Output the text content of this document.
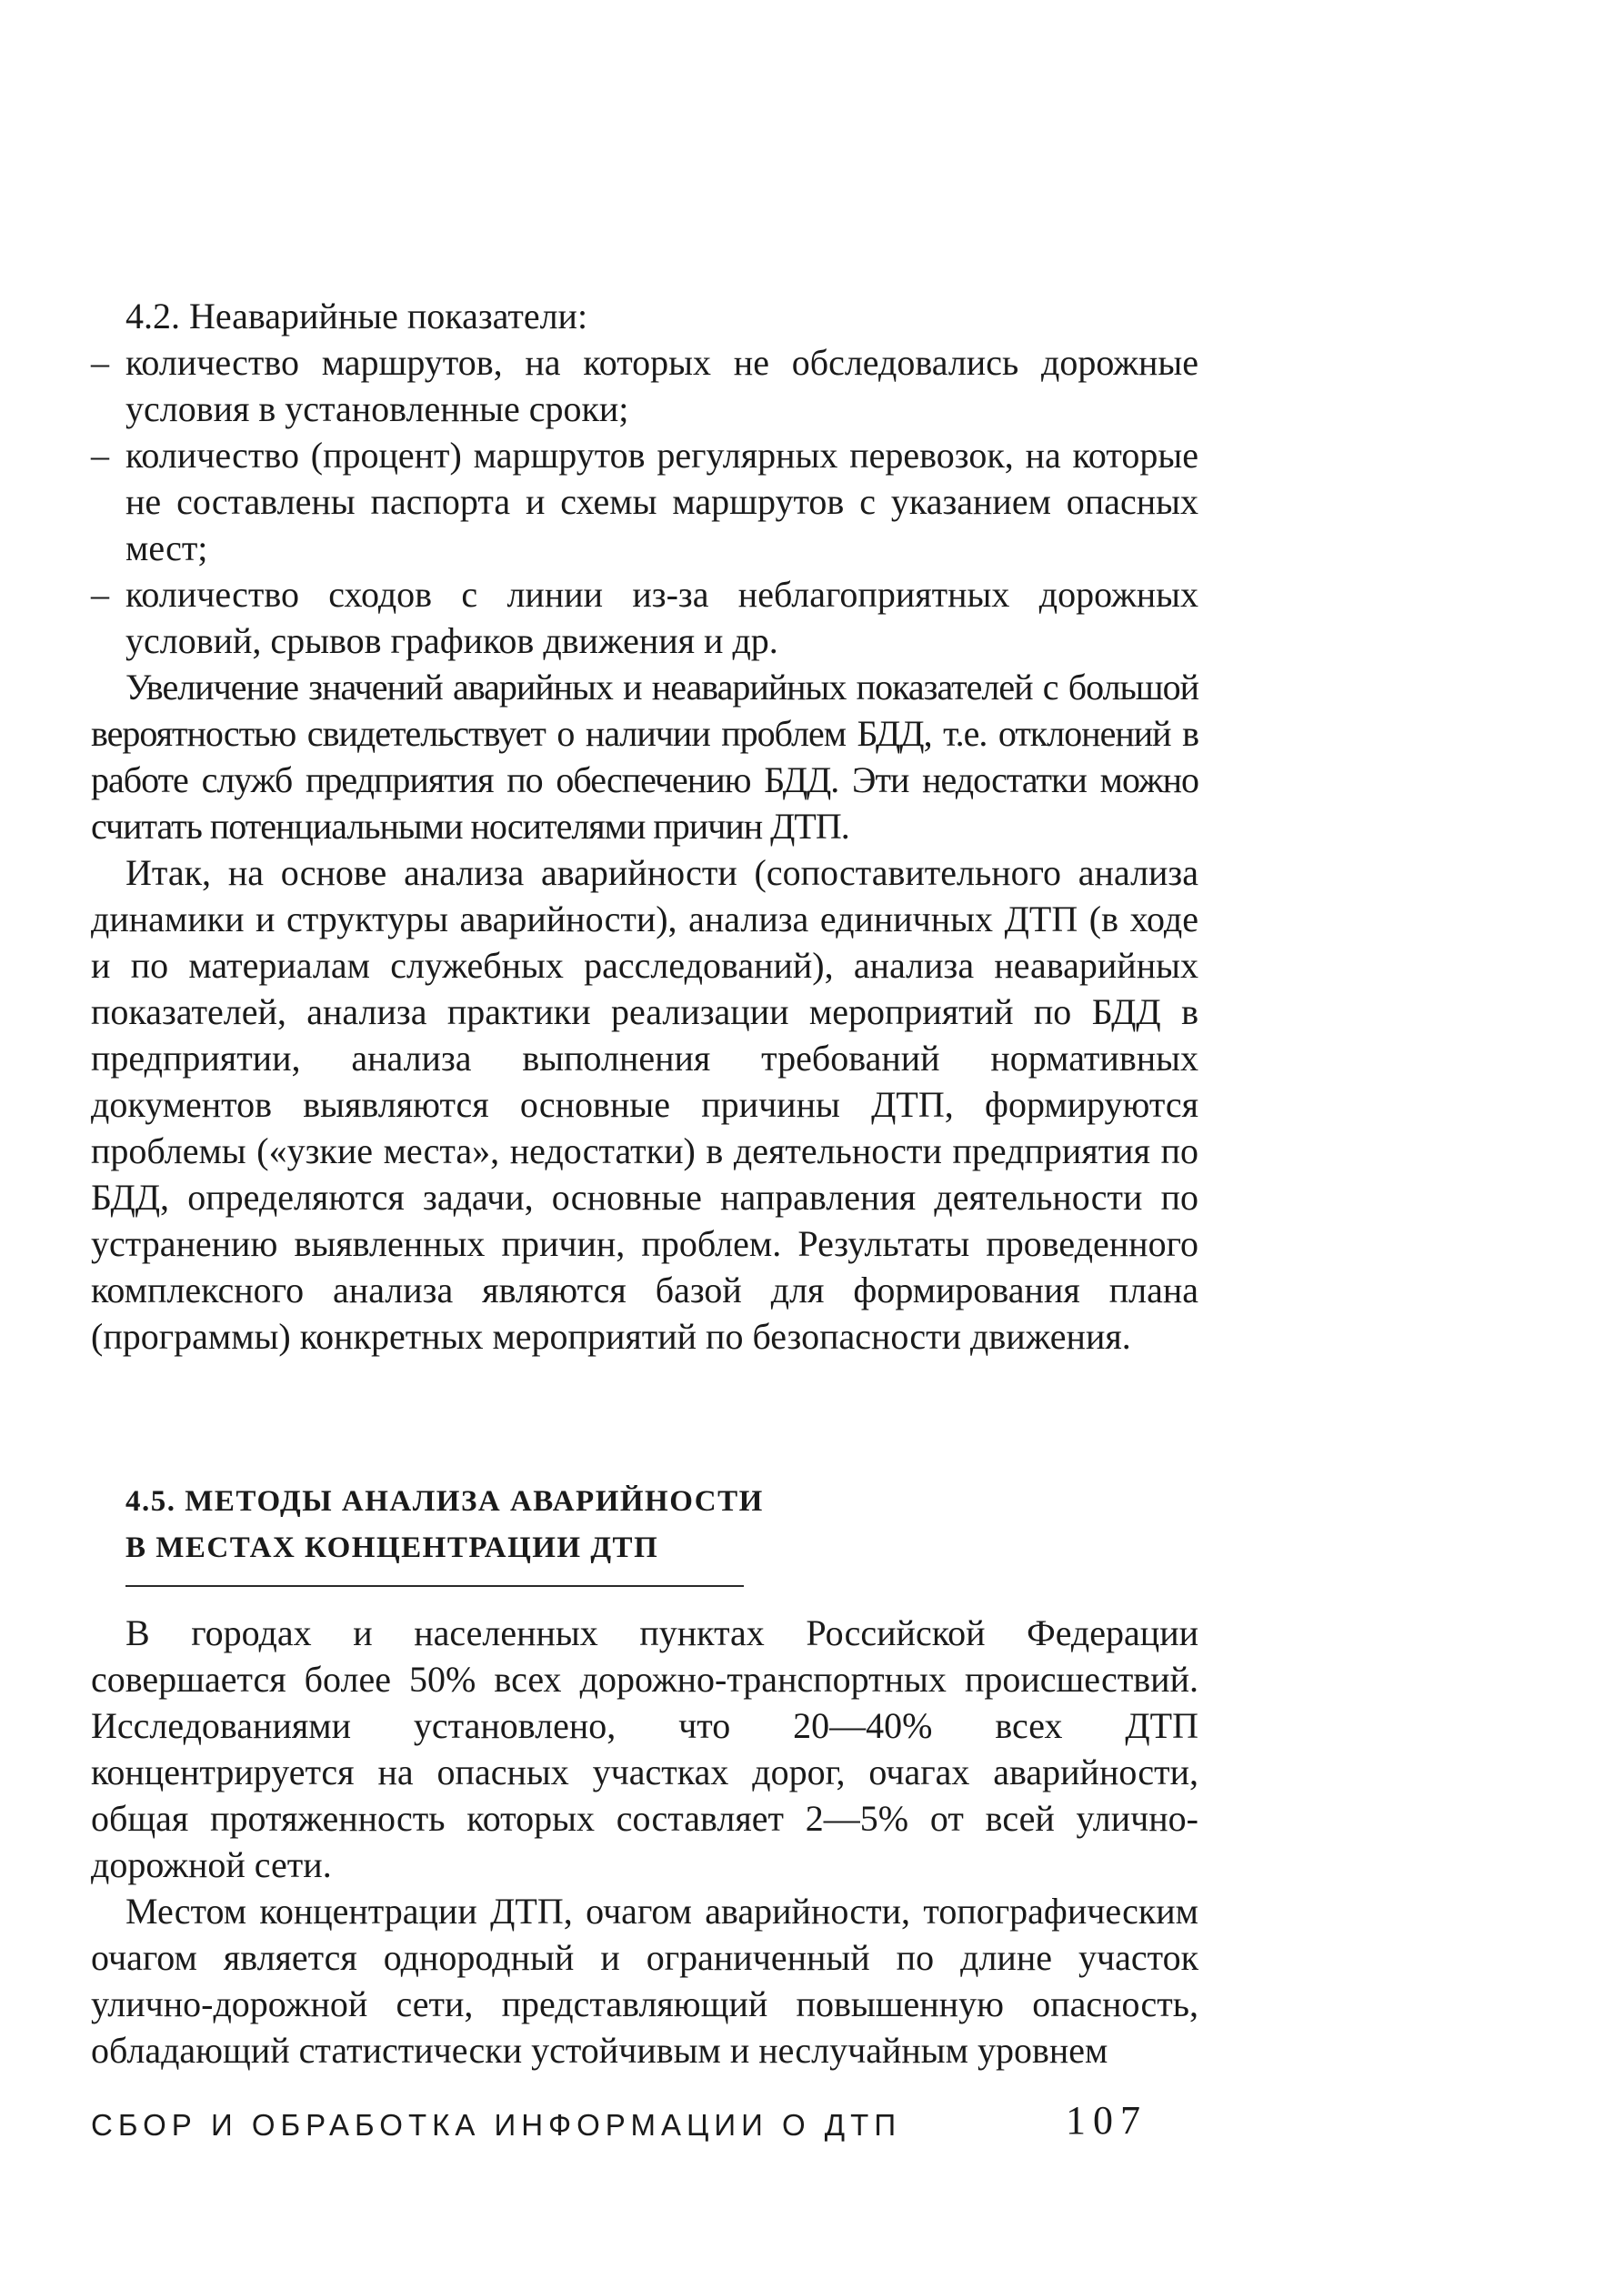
4.2. Неаварийные показатели:
– количество маршрутов, на которых не обследовались дорожные условия в установленные сроки;
– количество (процент) маршрутов регулярных перевозок, на которые не составлены паспорта и схемы маршрутов с указанием опасных мест;
– количество сходов с линии из-за неблагоприятных дорожных условий, срывов графиков движения и др.

Увеличение значений аварийных и неаварийных показателей с большой вероятностью свидетельствует о наличии проблем БДД, т.е. отклонений в работе служб предприятия по обеспечению БДД. Эти недостатки можно считать потенциальными носителями причин ДТП.

Итак, на основе анализа аварийности (сопоставительного анализа динамики и структуры аварийности), анализа единичных ДТП (в ходе и по материалам служебных расследований), анализа неаварийных показателей, анализа практики реализации мероприятий по БДД в предприятии, анализа выполнения требований нормативных документов выявляются основные причины ДТП, формируются проблемы («узкие места», недостатки) в деятельности предприятия по БДД, определяются задачи, основные направления деятельности по устранению выявленных причин, проблем. Результаты проведенного комплексного анализа являются базой для формирования плана (программы) конкретных мероприятий по безопасности движения.

4.5. МЕТОДЫ АНАЛИЗА АВАРИЙНОСТИ
В МЕСТАХ КОНЦЕНТРАЦИИ ДТП

В городах и населенных пунктах Российской Федерации совершается более 50% всех дорожно-транспортных происшествий. Исследованиями установлено, что 20—40% всех ДТП концентрируется на опасных участках дорог, очагах аварийности, общая протяженность которых составляет 2—5% от всей улично-дорожной сети.

Местом концентрации ДТП, очагом аварийности, топографическим очагом является однородный и ограниченный по длине участок улично-дорожной сети, представляющий повышенную опасность, обладающий статистически устойчивым и неслучайным уровнем

СБОР И ОБРАБОТКА ИНФОРМАЦИИ О ДТП	107
